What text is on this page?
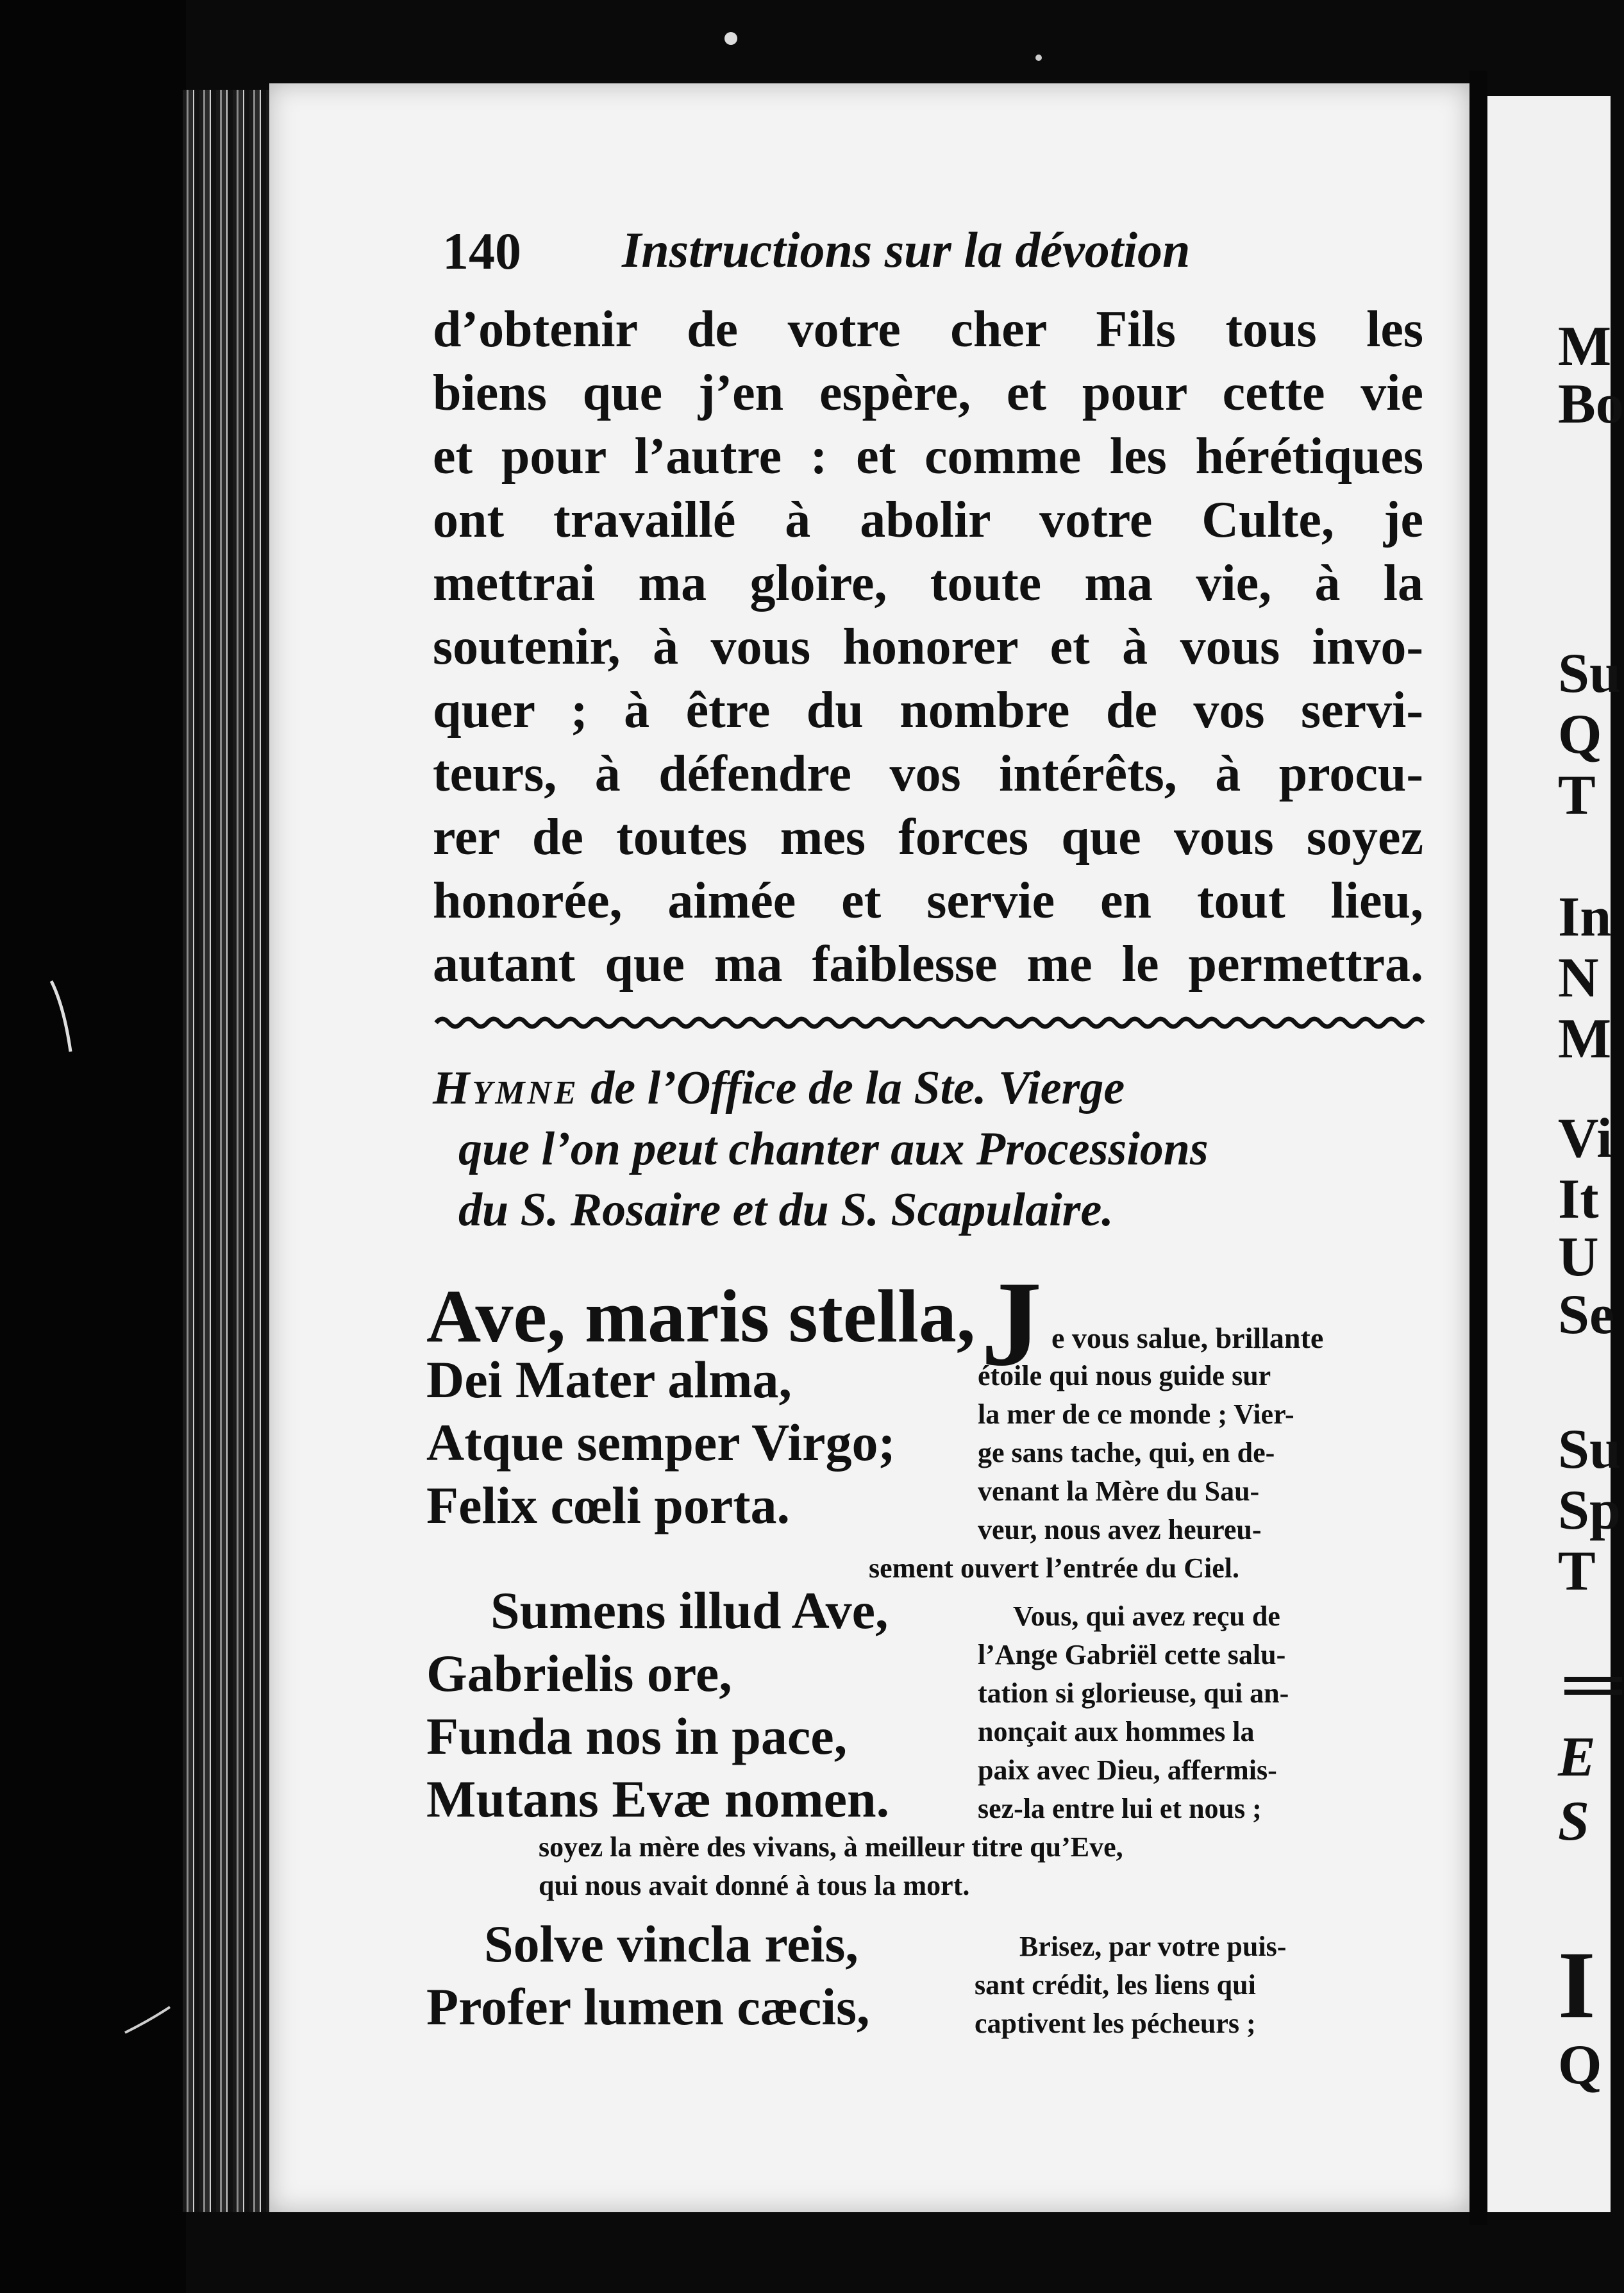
M
Bo
Su
Q
T
In
N
M
Vi
It
U
Se
Su
Sp
T
E
S
I
Q
140 Instructions sur la dévotion
d’obtenir de votre cher Fils tous les
biens que j’en espère, et pour cette vie
et pour l’autre : et comme les hérétiques
ont travaillé à abolir votre Culte, je
mettrai ma gloire, toute ma vie, à la
soutenir, à vous honorer et à vous invo-
quer ; à être du nombre de vos servi-
teurs, à défendre vos intérêts, à procu-
rer de toutes mes forces que vous soyez
honorée, aimée et servie en tout lieu,
autant que ma faiblesse me le permettra.
Hymne de l’Office de la Ste. Vierge
que l’on peut chanter aux Processions
du S. Rosaire et du S. Scapulaire.
Ave, maris stella,
Dei Mater alma,
Atque semper Virgo;
Felix cœli porta.
Sumens illud Ave,
Gabrielis ore,
Funda nos in pace,
Mutans Evæ nomen.
Solve vincla reis,
Profer lumen cæcis,
J e vous salue, brillante
étoile qui nous guide sur
la mer de ce monde ; Vier-
ge sans tache, qui, en de-
venant la Mère du Sau-
veur, nous avez heureu-
sement ouvert l’entrée du Ciel.
Vous, qui avez reçu de
l’Ange Gabriël cette salu-
tation si glorieuse, qui an-
nonçait aux hommes la
paix avec Dieu, affermis-
sez-la entre lui et nous ;
soyez la mère des vivans, à meilleur titre qu’Eve,
qui nous avait donné à tous la mort.
Brisez, par votre puis-
sant crédit, les liens qui
captivent les pécheurs ;
